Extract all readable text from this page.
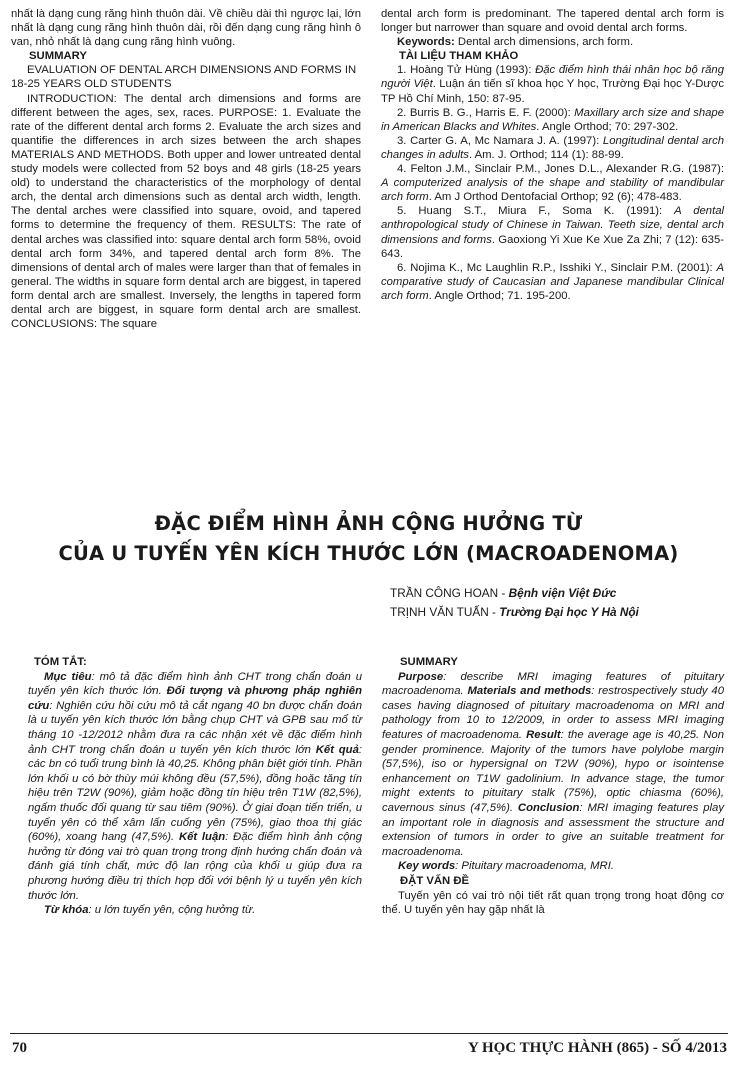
nhất là dạng cung răng hình thuôn dài. Về chiều dài thì ngược lại, lớn nhất là dạng cung răng hình thuôn dài, rồi đến dạng cung răng hình ô van, nhỏ nhất là dạng cung răng hình vuông.

SUMMARY

EVALUATION OF DENTAL ARCH DIMENSIONS AND FORMS IN 18-25 YEARS OLD STUDENTS

INTRODUCTION: The dental arch dimensions and forms are different between the ages, sex, races. PURPOSE: 1. Evaluate the rate of the different dental arch forms 2. Evaluate the arch sizes and quantifie the differences in arch sizes between the arch shapes MATERIALS AND METHODS. Both upper and lower untreated dental study models were collected from 52 boys and 48 girls (18-25 years old) to understand the characteristics of the morphology of dental arch, the dental arch dimensions such as dental arch width, length. The dental arches were classified into square, ovoid, and tapered forms to determine the frequency of them. RESULTS: The rate of dental arches was classified into: square dental arch form 58%, ovoid dental arch form 34%, and tapered dental arch form 8%. The dimensions of dental arch of males were larger than that of females in general. The widths in square form dental arch are biggest, in tapered form dental arch are smallest. Inversely, the lengths in tapered form dental arch are biggest, in square form dental arch are smallest. CONCLUSIONS: The square

dental arch form is predominant. The tapered dental arch form is longer but narrower than square and ovoid dental arch forms.

Keywords: Dental arch dimensions, arch form.

TÀI LIỆU THAM KHẢO

1. Hoàng Tử Hùng (1993): Đặc điểm hình thái nhân học bộ răng người Việt. Luận án tiến sĩ khoa học Y học, Trường Đại học Y-Dược TP Hồ Chí Minh, 150: 87-95.

2. Burris B. G., Harris E. F. (2000): Maxillary arch size and shape in American Blacks and Whites. Angle Orthod; 70: 297-302.

3. Carter G. A, Mc Namara J. A. (1997): Longitudinal dental arch changes in adults. Am. J. Orthod; 114 (1): 88-99.

4. Felton J.M., Sinclair P.M., Jones D.L., Alexander R.G. (1987): A computerized analysis of the shape and stability of mandibular arch form. Am J Orthod Dentofacial Orthop; 92 (6); 478-483.

5. Huang S.T., Miura F., Soma K. (1991): A dental anthropological study of Chinese in Taiwan. Teeth size, dental arch dimensions and forms. Gaoxiong Yi Xue Ke Xue Za Zhi; 7 (12): 635-643.

6. Nojima K., Mc Laughlin R.P., Isshiki Y., Sinclair P.M. (2001): A comparative study of Caucasian and Japanese mandibular Clinical arch form. Angle Orthod; 71. 195-200.

ĐẶC ĐIỂM HÌNH ẢNH CỘNG HƯỞNG TỪ
CỦA U TUYẾN YÊN KÍCH THƯỚC LỚN (MACROADENOMA)
TRẦN CÔNG HOAN - Bệnh viện Việt Đức
TRỊNH VĂN TUẤN - Trường Đại học Y Hà Nội

TÓM TẮT:

Mục tiêu: mô tả đặc điểm hình ảnh CHT trong chẩn đoán u tuyến yên kích thước lớn. Đối tượng và phương pháp nghiên cứu: Nghiên cứu hồi cứu mô tả cắt ngang 40 bn được chẩn đoán là u tuyến yên kích thước lớn bằng chụp CHT và GPB sau mổ từ tháng 10 -12/2012 nhằm đưa ra các nhận xét về đặc điểm hình ảnh CHT trong chẩn đoán u tuyến yên kích thước lớn Kết quả: các bn có tuổi trung bình là 40,25. Không phân biệt giới tính. Phần lớn khối u có bờ thùy múi không đều (57,5%), đồng hoặc tăng tín hiệu trên T2W (90%), giảm hoặc đồng tín hiệu trên T1W (82,5%), ngấm thuốc đối quang từ sau tiêm (90%). Ở giai đoạn tiến triển, u tuyến yên có thể xâm lấn cuống yên (75%), giao thoa thị giác (60%), xoang hang (47,5%). Kết luận: Đặc điểm hình ảnh cộng hưởng từ đóng vai trò quan trọng trong định hướng chẩn đoán và đánh giá tính chất, mức độ lan rộng của khối u giúp đưa ra phương hướng điều trị thích hợp đối với bệnh lý u tuyến yên kích thước lớn.

Từ khóa: u lớn tuyến yên, cộng hưởng từ.

SUMMARY

Purpose: describe MRI imaging features of pituitary macroadenoma. Materials and methods: restrospectively study 40 cases having diagnosed of pituitary macroadenoma on MRI and pathology from 10 to 12/2009, in order to assess MRI imaging features of macroadenoma. Result: the average age is 40,25. Non gender prominence. Majority of the tumors have polylobe margin (57,5%), iso or hypersignal on T2W (90%), hypo or isointense enhancement on T1W gadolinium. In advance stage, the tumor might extents to pituitary stalk (75%), optic chiasma (60%), cavernous sinus (47,5%). Conclusion: MRI imaging features play an important role in diagnosis and assessment the structure and extension of tumors in order to give an suitable treatment for macroadenoma.

Key words: Pituitary macroadenoma, MRI.

ĐẶT VẤN ĐỀ

Tuyến yên có vai trò nội tiết rất quan trọng trong hoạt động cơ thể. U tuyến yên hay gặp nhất là

70	Y HỌC THỰC HÀNH (865) - SỐ 4/2013
